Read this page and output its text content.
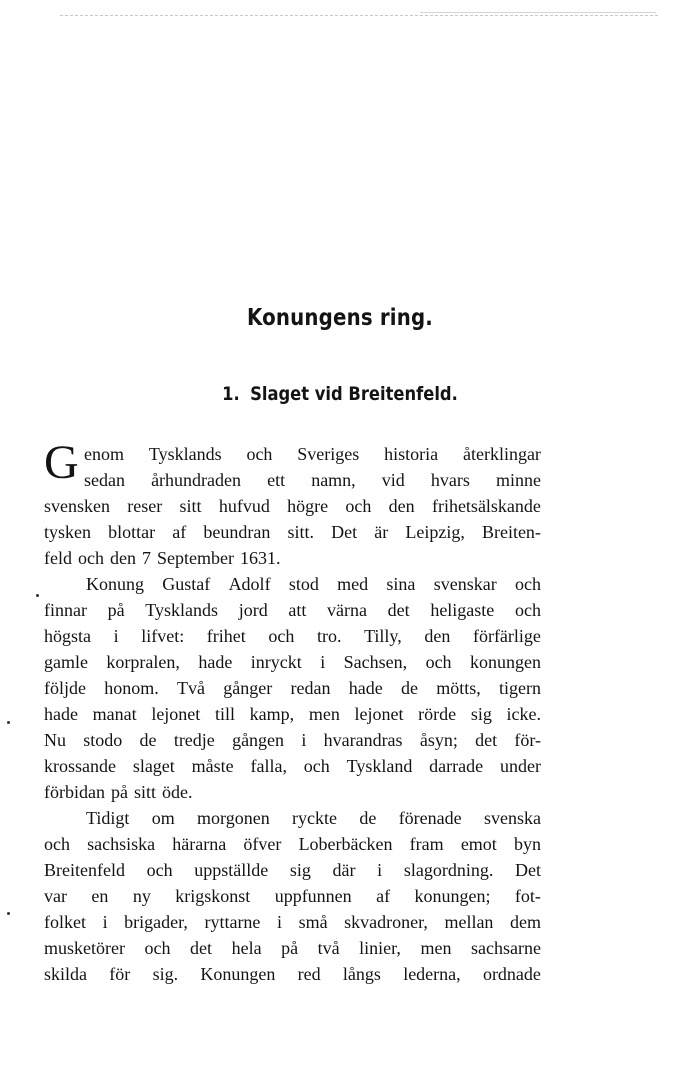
Konungens ring.
1. Slaget vid Breitenfeld.
G enom Tysklands och Sveriges historia återklingar
sedan århundraden ett namn, vid hvars minne
svensken reser sitt hufvud högre och den frihetsälskande
tysken blottar af beundran sitt. Det är Leipzig, Breiten-
feld och den 7 September 1631.
Konung Gustaf Adolf stod med sina svenskar och
finnar på Tysklands jord att värna det heligaste och
högsta i lifvet: frihet och tro. Tilly, den förfärlige
gamle korpralen, hade inryckt i Sachsen, och konungen
följde honom. Två gånger redan hade de mötts, tigern
hade manat lejonet till kamp, men lejonet rörde sig icke.
Nu stodo de tredje gången i hvarandras åsyn; det för-
krossande slaget måste falla, och Tyskland darrade under
förbidan på sitt öde.
Tidigt om morgonen ryckte de förenade svenska
och sachsiska härarna öfver Loberbäcken fram emot byn
Breitenfeld och uppställde sig där i slagordning. Det
var en ny krigskonst uppfunnen af konungen; fot-
folket i brigader, ryttarne i små skvadroner, mellan dem
musketörer och det hela på två linier, men sachsarne
skilda för sig. Konungen red långs lederna, ordnade
